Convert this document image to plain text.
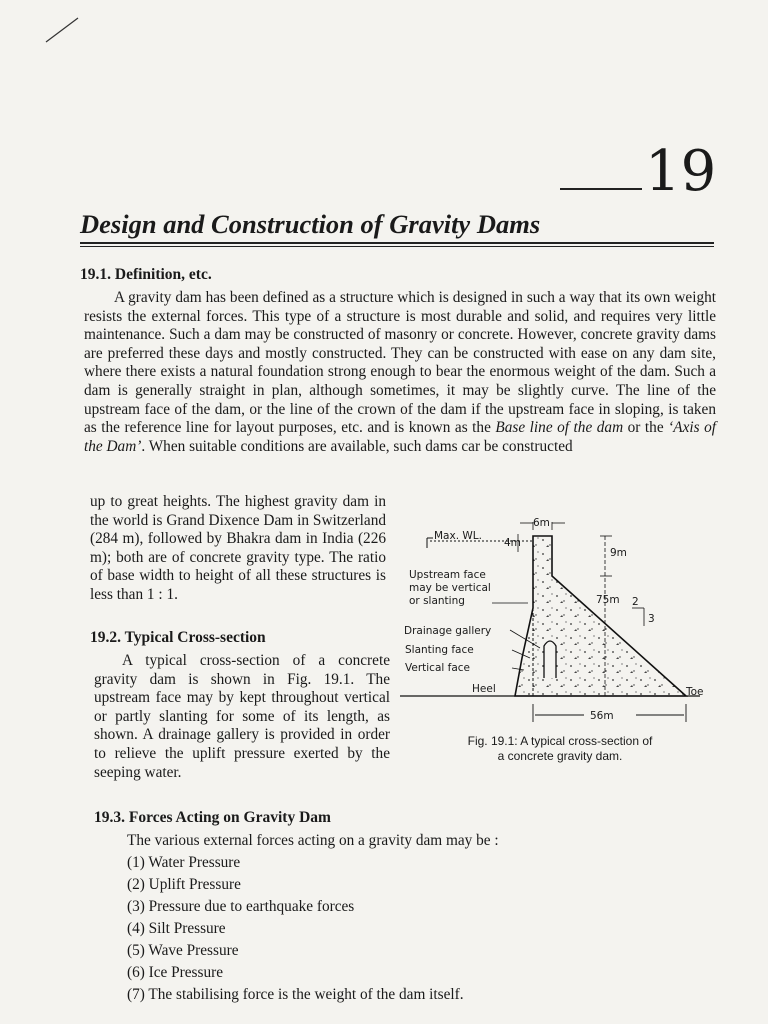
19
Design and Construction of Gravity Dams
19.1. Definition, etc.

A gravity dam has been defined as a structure which is designed in such a way that its own weight resists the external forces. This type of a structure is most durable and solid, and requires very little maintenance. Such a dam may be constructed of masonry or concrete. However, concrete gravity dams are preferred these days and mostly constructed. They can be constructed with ease on any dam site, where there exists a natural foundation strong enough to bear the enormous weight of the dam. Such a dam is generally straight in plan, although sometimes, it may be slightly curve. The line of the upstream face of the dam, or the line of the crown of the dam if the upstream face in sloping, is taken as the reference line for layout purposes, etc. and is known as the Base line of the dam or the ‘Axis of the Dam’. When suitable conditions are available, such dams car be constructed

up to great heights. The highest gravity dam in the world is Grand Dixence Dam in Switzerland (284 m), followed by Bhakra dam in India (226 m); both are of concrete gravity type. The ratio of base width to height of all these structures is less than 1 : 1.

19.2. Typical Cross-section

A typical cross-section of a concrete gravity dam is shown in Fig. 19.1. The upstream face may by kept throughout vertical or partly slanting for some of its length, as shown. A drainage gallery is provided in order to relieve the uplift pressure exerted by the seeping water.

Max. WL.
6m
4m
9m
Upstream face
may be vertical
or slanting	75m 2
3
Drainage gallery
Slanting face
Vertical face
Heel	Toe
56m
Fig. 19.1: A typical cross-section of
a concrete gravity dam.
19.3. Forces Acting on Gravity Dam

The various external forces acting on a gravity dam may be :

(1) Water Pressure
(2) Uplift Pressure
(3) Pressure due to earthquake forces
(4) Silt Pressure
(5) Wave Pressure
(6) Ice Pressure
(7) The stabilising force is the weight of the dam itself.
